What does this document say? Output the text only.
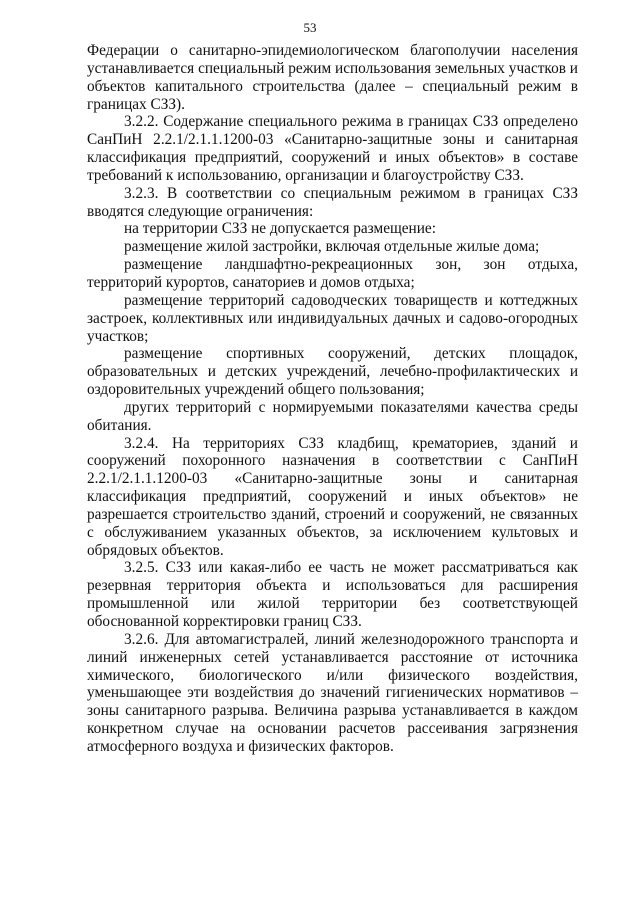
53

Федерации о санитарно-эпидемиологическом благополучии населения устанавливается специальный режим использования земельных участков и объектов капитального строительства (далее – специальный режим в границах СЗЗ).

3.2.2. Содержание специального режима в границах СЗЗ определено СанПиН 2.2.1/2.1.1.1200-03 «Санитарно-защитные зоны и санитарная классификация предприятий, сооружений и иных объектов» в составе требований к использованию, организации и благоустройству СЗЗ.

3.2.3. В соответствии со специальным режимом в границах СЗЗ вводятся следующие ограничения:

на территории СЗЗ не допускается размещение:

размещение жилой застройки, включая отдельные жилые дома;

размещение ландшафтно-рекреационных зон, зон отдыха, территорий курортов, санаториев и домов отдыха;

размещение территорий садоводческих товариществ и коттеджных застроек, коллективных или индивидуальных дачных и садово-огородных участков;

размещение спортивных сооружений, детских площадок, образовательных и детских учреждений, лечебно-профилактических и оздоровительных учреждений общего пользования;

других территорий с нормируемыми показателями качества среды обитания.

3.2.4. На территориях СЗЗ кладбищ, крематориев, зданий и сооружений похоронного назначения в соответствии с СанПиН 2.2.1/2.1.1.1200-03 «Санитарно-защитные зоны и санитарная классификация предприятий, сооружений и иных объектов» не разрешается строительство зданий, строений и сооружений, не связанных с обслуживанием указанных объектов, за исключением культовых и обрядовых объектов.

3.2.5. СЗЗ или какая-либо ее часть не может рассматриваться как резервная территория объекта и использоваться для расширения промышленной или жилой территории без соответствующей обоснованной корректировки границ СЗЗ.

3.2.6. Для автомагистралей, линий железнодорожного транспорта и линий инженерных сетей устанавливается расстояние от источника химического, биологического и/или физического воздействия, уменьшающее эти воздействия до значений гигиенических нормативов – зоны санитарного разрыва. Величина разрыва устанавливается в каждом конкретном случае на основании расчетов рассеивания загрязнения атмосферного воздуха и физических факторов.
